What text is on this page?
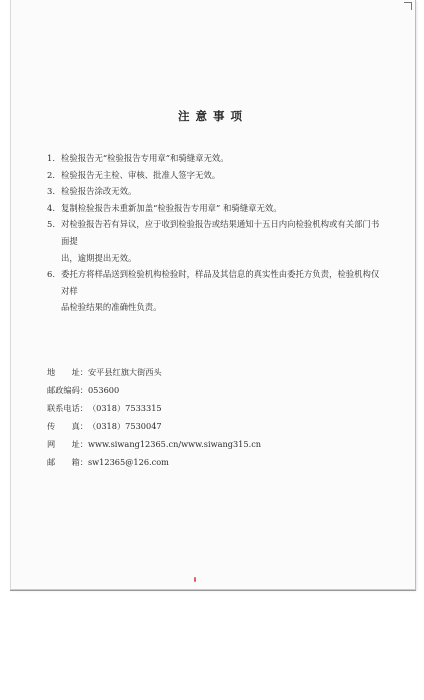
注意事项
1. 检验报告无“检验报告专用章”和骑缝章无效。
2. 检验报告无主检、审核、批准人签字无效。
3. 检验报告涂改无效。
4. 复制检验报告未重新加盖“检验报告专用章” 和骑缝章无效。
5. 对检验报告若有异议，应于收到检验报告或结果通知十五日内向检验机构或有关部门书面提
出，逾期提出无效。
6. 委托方将样品送到检验机构检验时，样品及其信息的真实性由委托方负责，检验机构仅对样
品检验结果的准确性负责。
地　　址： 安平县红旗大街西头
邮政编码： 053600
联系电话： （0318）7533315
传　　真： （0318）7530047
网　　址： www.siwang12365.cn/www.siwang315.cn
邮　　箱： sw12365@126.com
